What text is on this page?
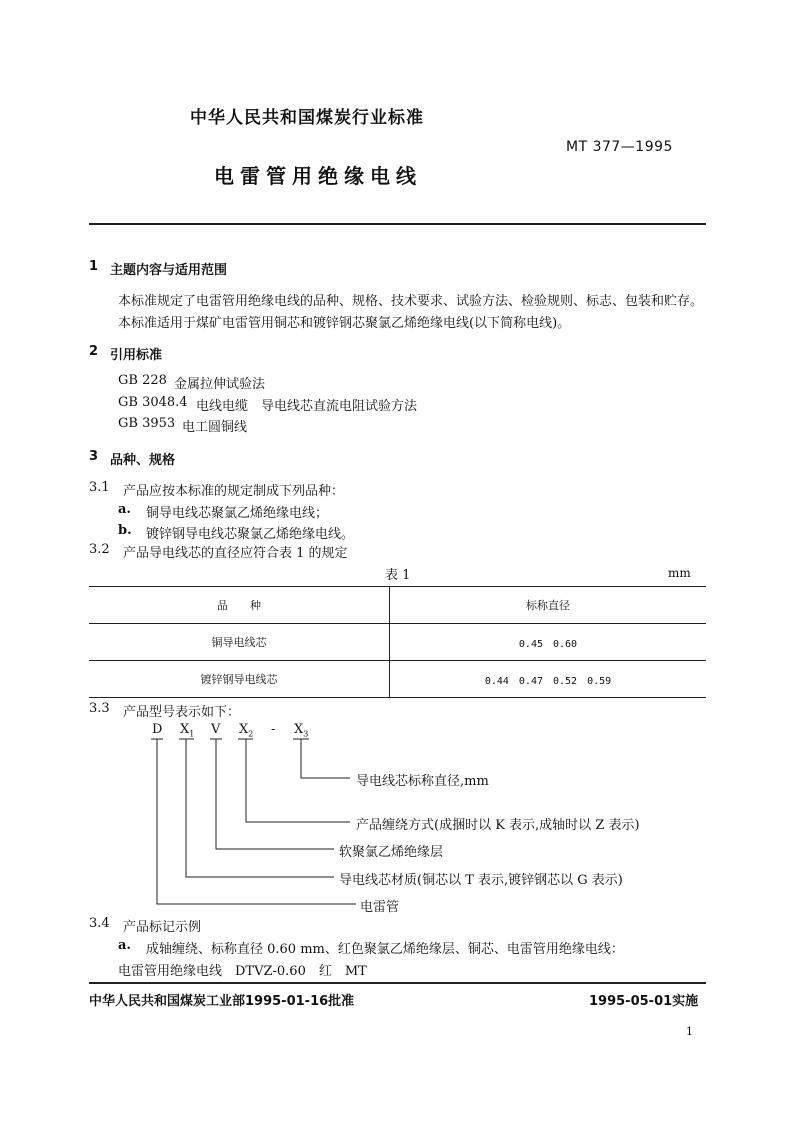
中华人民共和国煤炭行业标准
MT 377—1995
电雷管用绝缘电线
1 主题内容与适用范围
本标准规定了电雷管用绝缘电线的品种、规格、技术要求、试验方法、检验规则、标志、包装和贮存。
本标准适用于煤矿电雷管用铜芯和镀锌钢芯聚氯乙烯绝缘电线(以下简称电线)。
2 引用标准
GB 228 金属拉伸试验法
GB 3048.4 电线电缆　导电线芯直流电阻试验方法
GB 3953 电工圆铜线
3 品种、规格
3.1 产品应按本标准的规定制成下列品种：
a. 铜导电线芯聚氯乙烯绝缘电线；
b. 镀锌钢导电线芯聚氯乙烯绝缘电线。
3.2 产品导电线芯的直径应符合表 1 的规定
表 1	mm
品　　种	标称直径
铜导电线芯	0.45　0.60
镀锌钢导电线芯	0.44　0.47　0.52　0.59
3.3 产品型号表示如下：
D $X_1$ V $X_2 - X_3$
导电线芯标称直径,mm
产品缠绕方式(成捆时以 K 表示,成轴时以 Z 表示)
软聚氯乙烯绝缘层
导电线芯材质(铜芯以 T 表示,镀锌钢芯以 G 表示)
电雷管
3.4 产品标记示例
a. 成轴缠绕、标称直径 0.60 mm、红色聚氯乙烯绝缘层、铜芯、电雷管用绝缘电线：
电雷管用绝缘电线　DTVZ-0.60　红　MT
中华人民共和国煤炭工业部1995-01-16批准	1995-05-01实施
1
